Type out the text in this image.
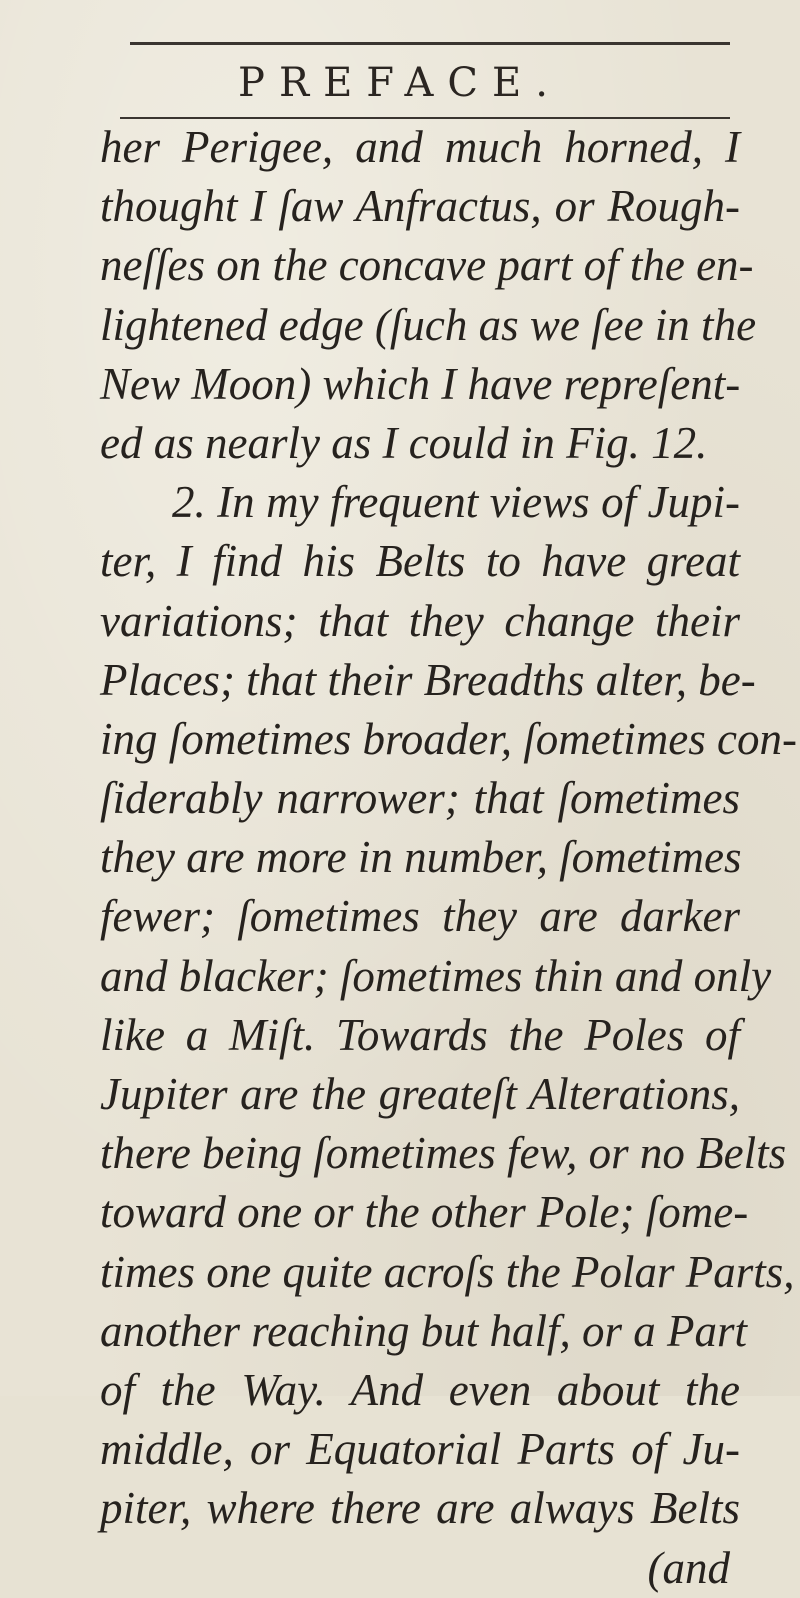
PREFACE.
her Perigee, and much horned, I
thought I ſaw Anfractus, or Rough-
neſſes on the concave part of the en-
lightened edge (ſuch as we ſee in the
New Moon) which I have repreſent-
ed as nearly as I could in Fig. 12.
2. In my frequent views of Jupi-
ter, I find his Belts to have great
variations; that they change their
Places; that their Breadths alter, be-
ing ſometimes broader, ſometimes con-
ſiderably narrower; that ſometimes
they are more in number, ſometimes
fewer; ſometimes they are darker
and blacker; ſometimes thin and only
like a Miſt. Towards the Poles of
Jupiter are the greateſt Alterations,
there being ſometimes few, or no Belts
toward one or the other Pole; ſome-
times one quite acroſs the Polar Parts,
another reaching but half, or a Part
of the Way. And even about the
middle, or Equatorial Parts of Ju-
piter, where there are always Belts
(and
